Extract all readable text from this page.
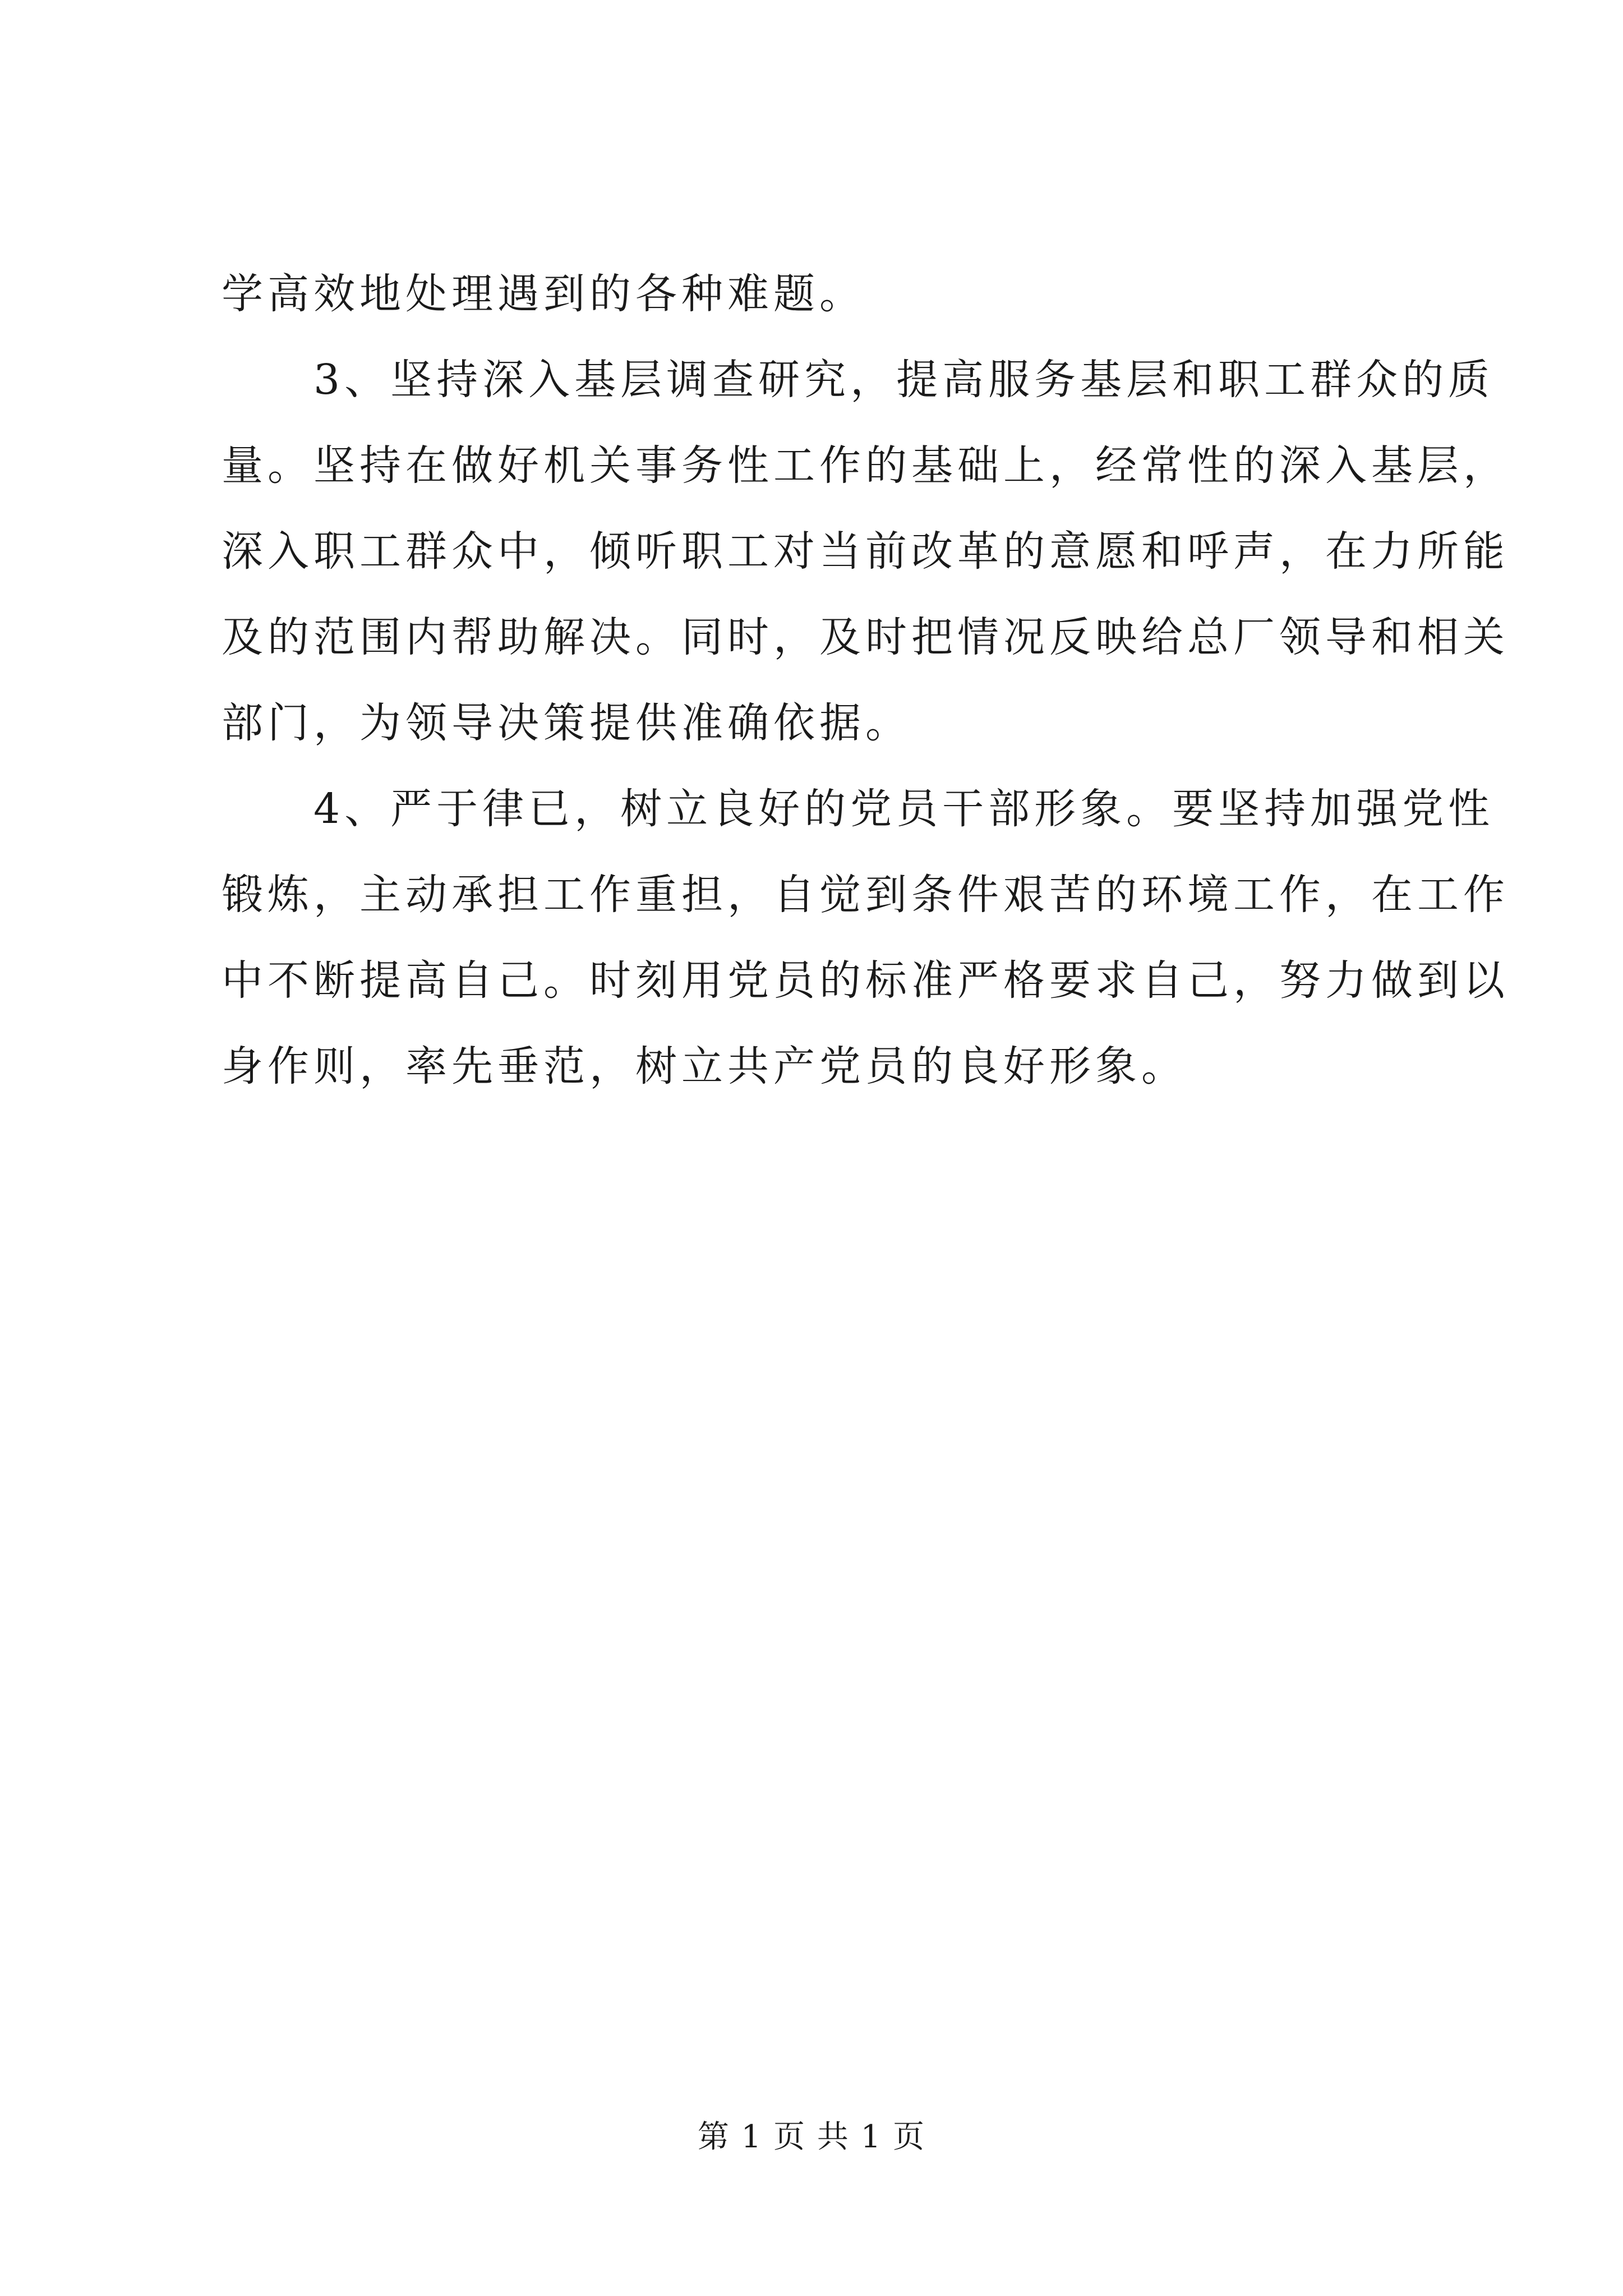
学高效地处理遇到的各种难题。
　　3、坚持深入基层调查研究，提高服务基层和职工群众的质
量。坚持在做好机关事务性工作的基础上，经常性的深入基层，
深入职工群众中，倾听职工对当前改革的意愿和呼声，在力所能
及的范围内帮助解决。同时，及时把情况反映给总厂领导和相关
部门，为领导决策提供准确依据。
　　4、严于律已，树立良好的党员干部形象。要坚持加强党性
锻炼，主动承担工作重担，自觉到条件艰苦的环境工作，在工作
中不断提高自己。时刻用党员的标准严格要求自己，努力做到以
身作则，率先垂范，树立共产党员的良好形象。
第 1 页 共 1 页
